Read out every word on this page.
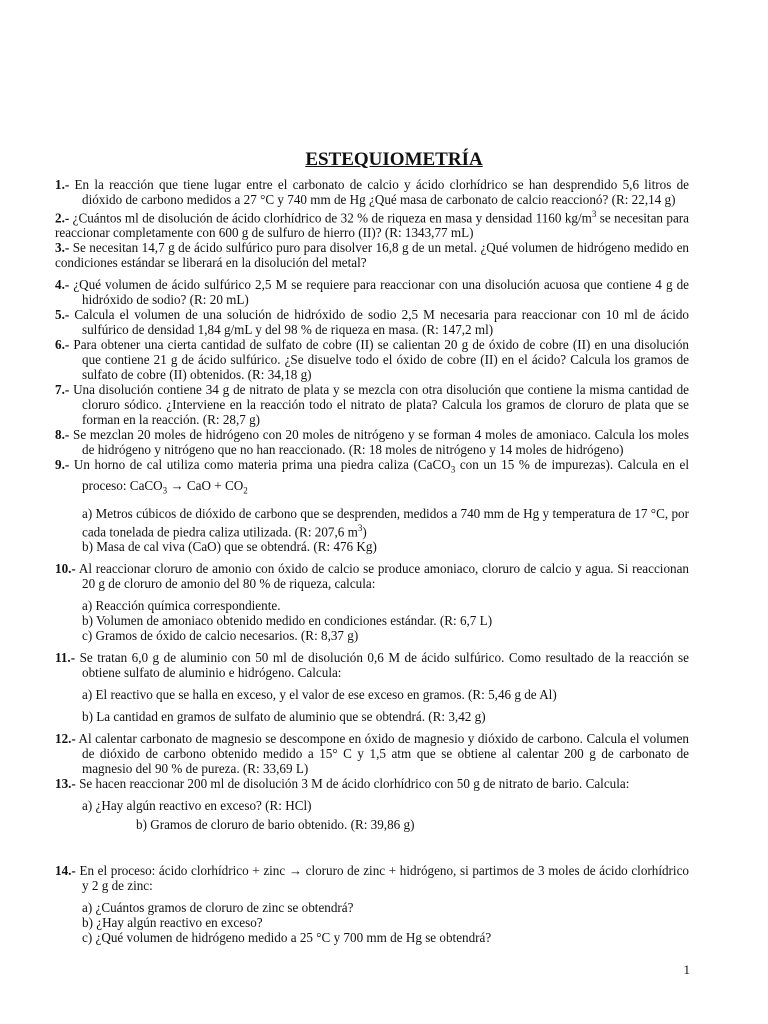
ESTEQUIOMETRÍA

1.- En la reacción que tiene lugar entre el carbonato de calcio y ácido clorhídrico se han desprendido 5,6 litros de dióxido de carbono medidos a 27 °C y 740 mm de Hg ¿Qué masa de carbonato de calcio reaccionó? (R: 22,14 g)

2.- ¿Cuántos ml de disolución de ácido clorhídrico de 32 % de riqueza en masa y densidad 1160 $kg/m^3$ se necesitan para reaccionar completamente con 600 g de sulfuro de hierro (II)? (R: 1343,77 mL)

3.- Se necesitan 14,7 g de ácido sulfúrico puro para disolver 16,8 g de un metal. ¿Qué volumen de hidrógeno medido en condiciones estándar se liberará en la disolución del metal?

4.- ¿Qué volumen de ácido sulfúrico 2,5 M se requiere para reaccionar con una disolución acuosa que contiene 4 g de hidróxido de sodio? (R: 20 mL)

5.- Calcula el volumen de una solución de hidróxido de sodio 2,5 M necesaria para reaccionar con 10 ml de ácido sulfúrico de densidad 1,84 g/mL y del 98 % de riqueza en masa. (R: 147,2 ml)

6.- Para obtener una cierta cantidad de sulfato de cobre (II) se calientan 20 g de óxido de cobre (II) en una disolución que contiene 21 g de ácido sulfúrico. ¿Se disuelve todo el óxido de cobre (II) en el ácido? Calcula los gramos de sulfato de cobre (II) obtenidos. (R: 34,18 g)

7.- Una disolución contiene 34 g de nitrato de plata y se mezcla con otra disolución que contiene la misma cantidad de cloruro sódico. ¿Interviene en la reacción todo el nitrato de plata? Calcula los gramos de cloruro de plata que se forman en la reacción. (R: 28,7 g)

8.- Se mezclan 20 moles de hidrógeno con 20 moles de nitrógeno y se forman 4 moles de amoniaco. Calcula los moles de hidrógeno y nitrógeno que no han reaccionado. (R: 18 moles de nitrógeno y 14 moles de hidrógeno)

9.- Un horno de cal utiliza como materia prima una piedra caliza (CaCO$_3$ con un 15 % de impurezas). Calcula en el proceso: CaCO$_3$ → CaO + $CO_2$

a) Metros cúbicos de dióxido de carbono que se desprenden, medidos a 740 mm de Hg y temperatura de 17 °C, por cada tonelada de piedra caliza utilizada. (R: 207,6 $m^3$)

b) Masa de cal viva (CaO) que se obtendrá. (R: 476 Kg)

10.- Al reaccionar cloruro de amonio con óxido de calcio se produce amoniaco, cloruro de calcio y agua. Si reaccionan 20 g de cloruro de amonio del 80 % de riqueza, calcula:

a) Reacción química correspondiente.

b) Volumen de amoniaco obtenido medido en condiciones estándar. (R: 6,7 L)

c) Gramos de óxido de calcio necesarios. (R: 8,37 g)

11.- Se tratan 6,0 g de aluminio con 50 ml de disolución 0,6 M de ácido sulfúrico. Como resultado de la reacción se obtiene sulfato de aluminio e hidrógeno. Calcula:

a) El reactivo que se halla en exceso, y el valor de ese exceso en gramos. (R: 5,46 g de Al)

b) La cantidad en gramos de sulfato de aluminio que se obtendrá. (R: 3,42 g)

12.- Al calentar carbonato de magnesio se descompone en óxido de magnesio y dióxido de carbono. Calcula el volumen de dióxido de carbono obtenido medido a 15° C y 1,5 atm que se obtiene al calentar 200 g de carbonato de magnesio del 90 % de pureza. (R: 33,69 L)

13.- Se hacen reaccionar 200 ml de disolución 3 M de ácido clorhídrico con 50 g de nitrato de bario. Calcula:

a) ¿Hay algún reactivo en exceso? (R: HCl)

b) Gramos de cloruro de bario obtenido. (R: 39,86 g)

14.- En el proceso: ácido clorhídrico + zinc → cloruro de zinc + hidrógeno, si partimos de 3 moles de ácido clorhídrico y 2 g de zinc:

a) ¿Cuántos gramos de cloruro de zinc se obtendrá?

b) ¿Hay algún reactivo en exceso?

c) ¿Qué volumen de hidrógeno medido a 25 °C y 700 mm de Hg se obtendrá?

1
